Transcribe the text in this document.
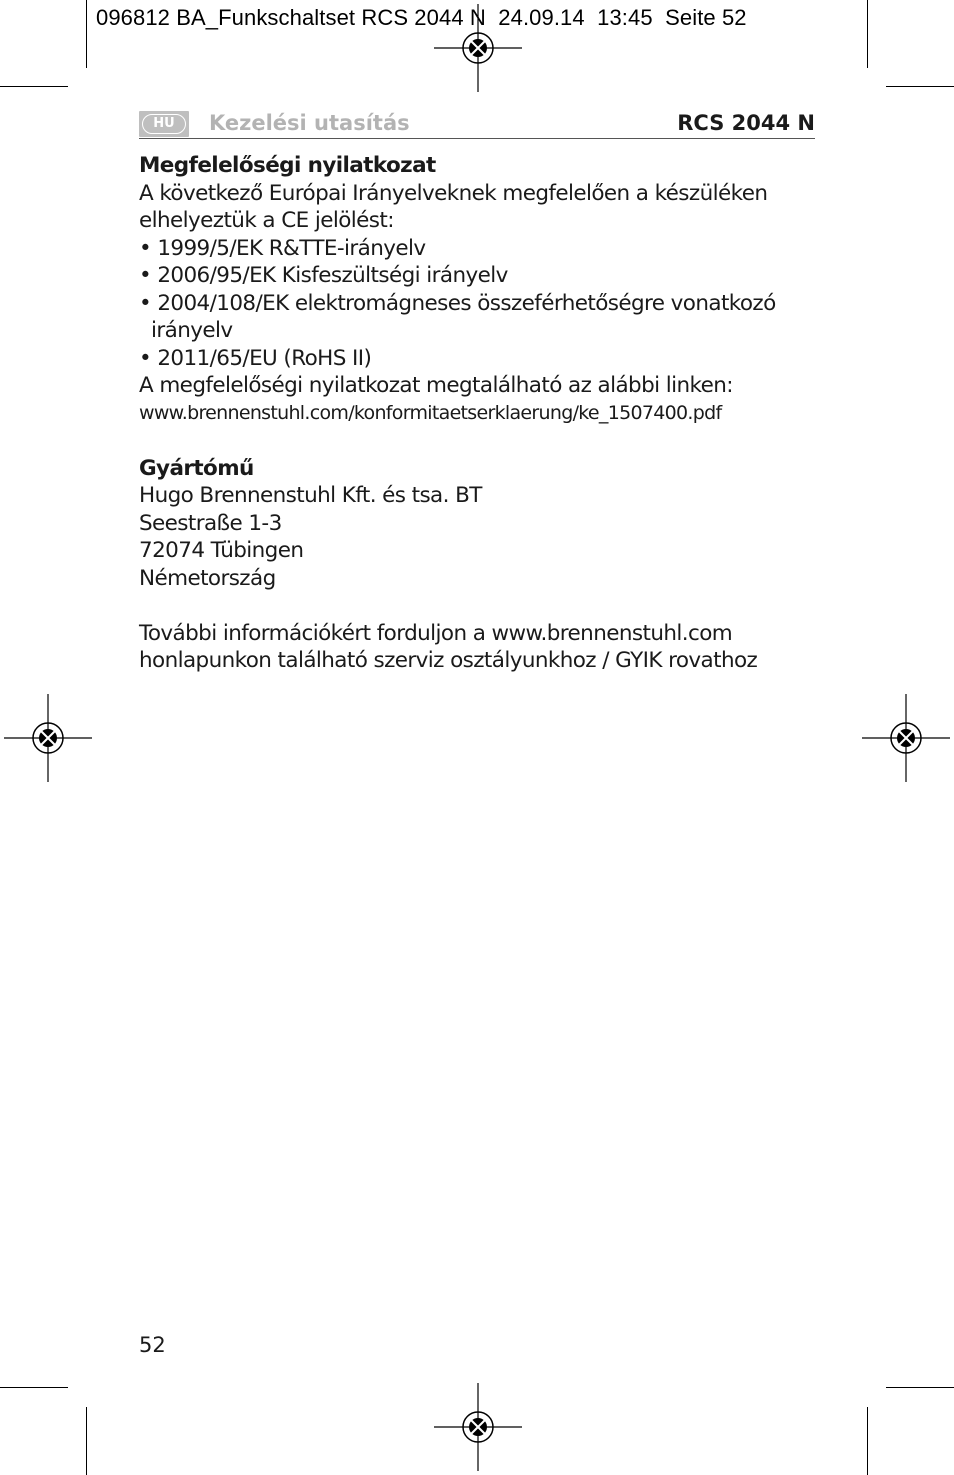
096812 BA_Funkschaltset RCS 2044 N  24.09.14  13:45  Seite 52
HU	Kezelési utasítás	RCS 2044 N

Megfelelőségi nyilatkozat

A következő Európai Irányelveknek megfelelően a készüléken

elhelyeztük a CE jelölést:

• 1999/5/EK R&TTE-irányelv

• 2006/95/EK Kisfeszültségi irányelv

• 2004/108/EK elektromágneses összeférhetőségre vonatkozó

irányelv

• 2011/65/EU (RoHS II)

A megfelelőségi nyilatkozat megtalálható az alábbi linken:

www.brennenstuhl.com/konformitaetserklaerung/ke_1507400.pdf

Gyártómű

Hugo Brennenstuhl Kft. és tsa. BT

Seestraße 1-3

72074 Tübingen

Németország

További információkért forduljon a www.brennenstuhl.com

honlapunkon található szerviz osztályunkhoz / GYIK rovathoz

52
